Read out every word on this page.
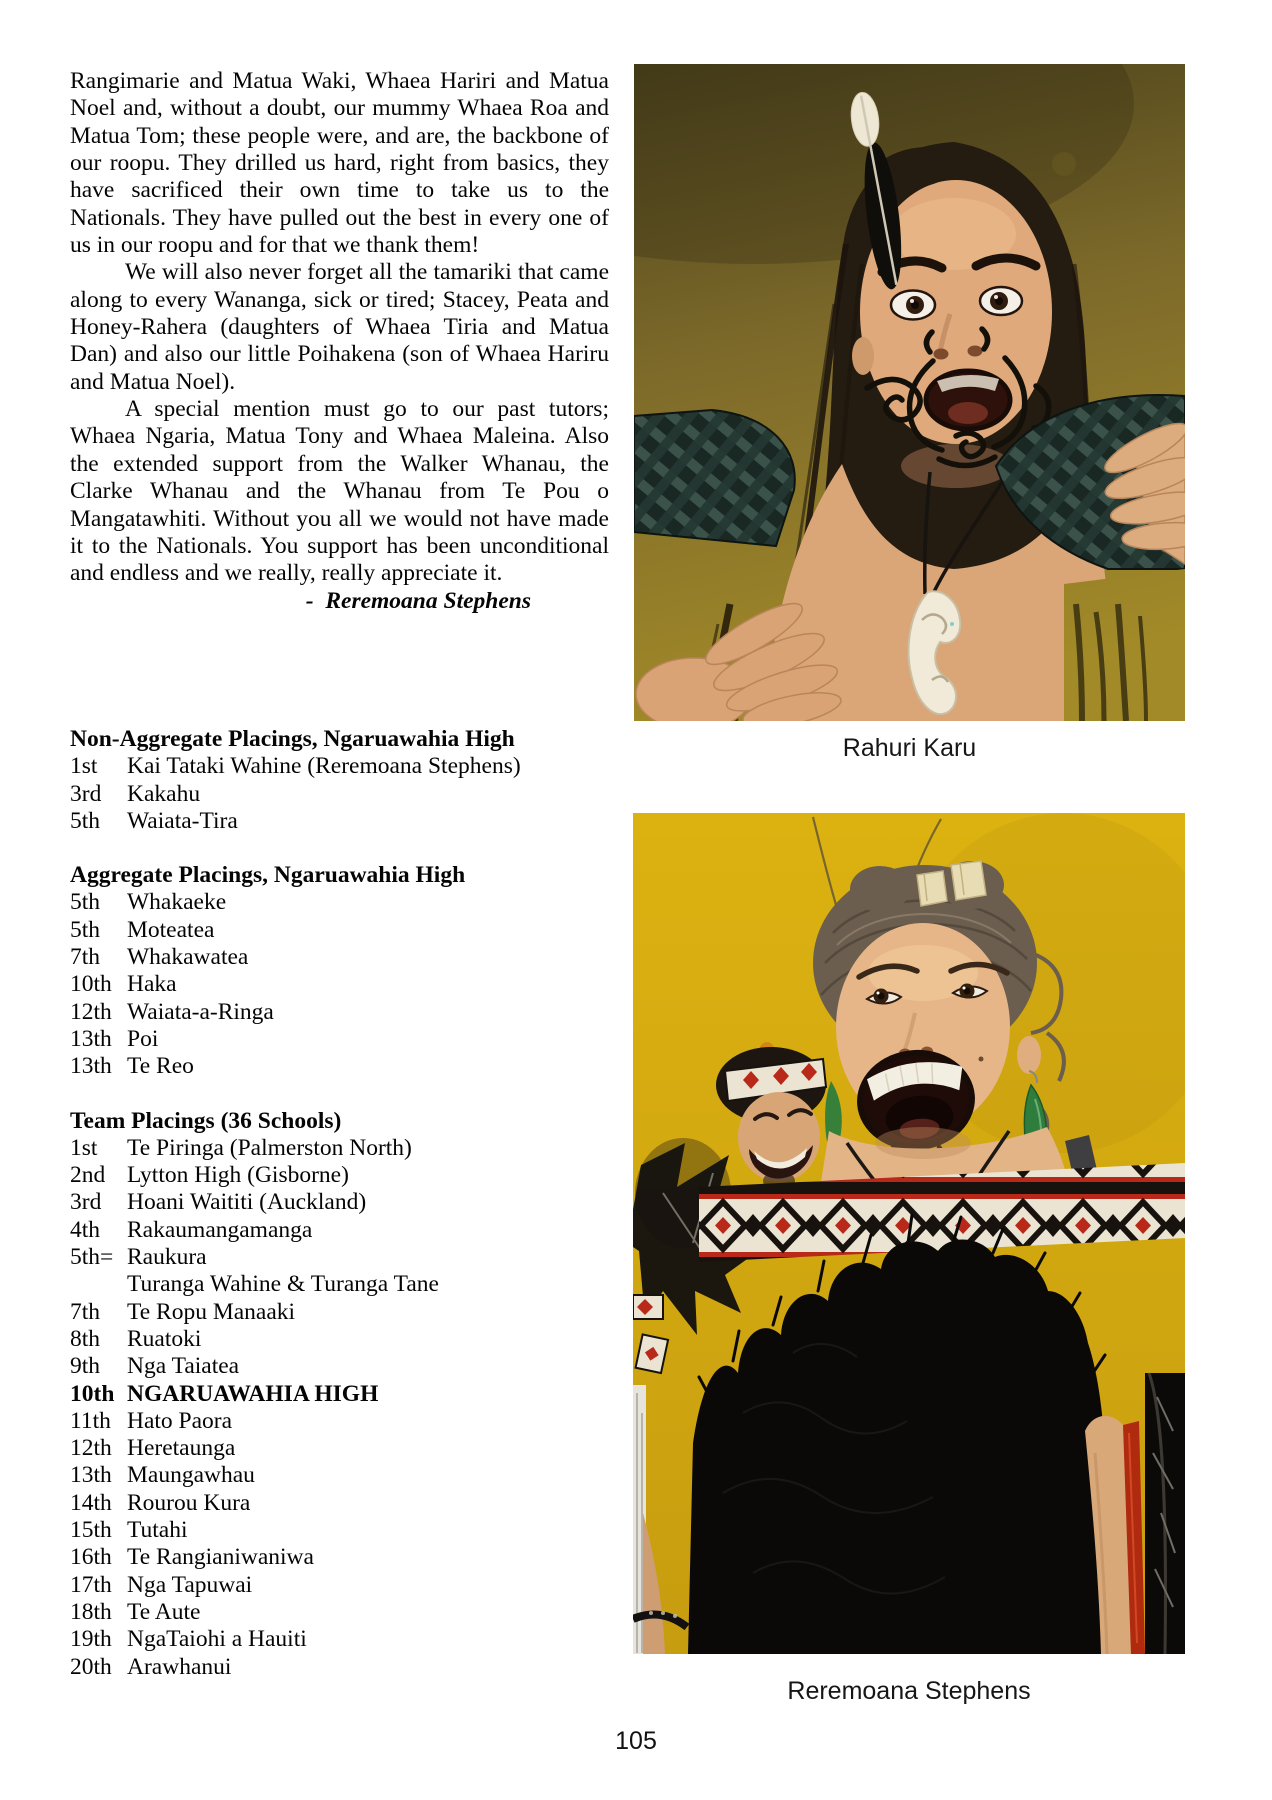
Rangimarie and Matua Waki, Whaea Hariri and Matua Noel and, without a doubt, our mummy Whaea Roa and Matua Tom; these people were, and are, the backbone of our roopu. They drilled us hard, right from basics, they have sacrificed their own time to take us to the Nationals. They have pulled out the best in every one of us in our roopu and for that we thank them!

We will also never forget all the tamariki that came along to every Wananga, sick or tired; Stacey, Peata and Honey-Rahera (daughters of Whaea Tiria and Matua Dan) and also our little Poihakena (son of Whaea Hariru and Matua Noel).

A special mention must go to our past tutors; Whaea Ngaria, Matua Tony and Whaea Maleina. Also the extended support from the Walker Whanau, the Clarke Whanau and the Whanau from Te Pou o Mangatawhiti. Without you all we would not have made it to the Nationals. You support has been unconditional and endless and we really, really appreciate it.

-  Reremoana Stephens
Non-Aggregate Placings, Ngaruawahia High
1st	Kai Tataki Wahine (Reremoana Stephens)
3rd	Kakahu
5th	Waiata-Tira
Aggregate Placings, Ngaruawahia High
5th	Whakaeke
5th	Moteatea
7th	Whakawatea
10th Haka
12th Waiata-a-Ringa
13th Poi
13th Te Reo
Team Placings (36 Schools)
1st	Te Piringa (Palmerston North)
2nd Lytton High (Gisborne)
3rd	Hoani Waititi (Auckland)
4th	Rakaumangamanga
5th= Raukura
Turanga Wahine & Turanga Tane
7th	Te Ropu Manaaki
8th	Ruatoki
9th	Nga Taiatea
10th NGARUAWAHIA HIGH
11th Hato Paora
12th Heretaunga
13th Maungawhau
14th Rourou Kura
15th Tutahi
16th Te Rangianiwaniwa
17th Nga Tapuwai
18th Te Aute
19th NgaTaiohi a Hauiti
20th Arawhanui
Rahuri Karu
Reremoana Stephens
105
